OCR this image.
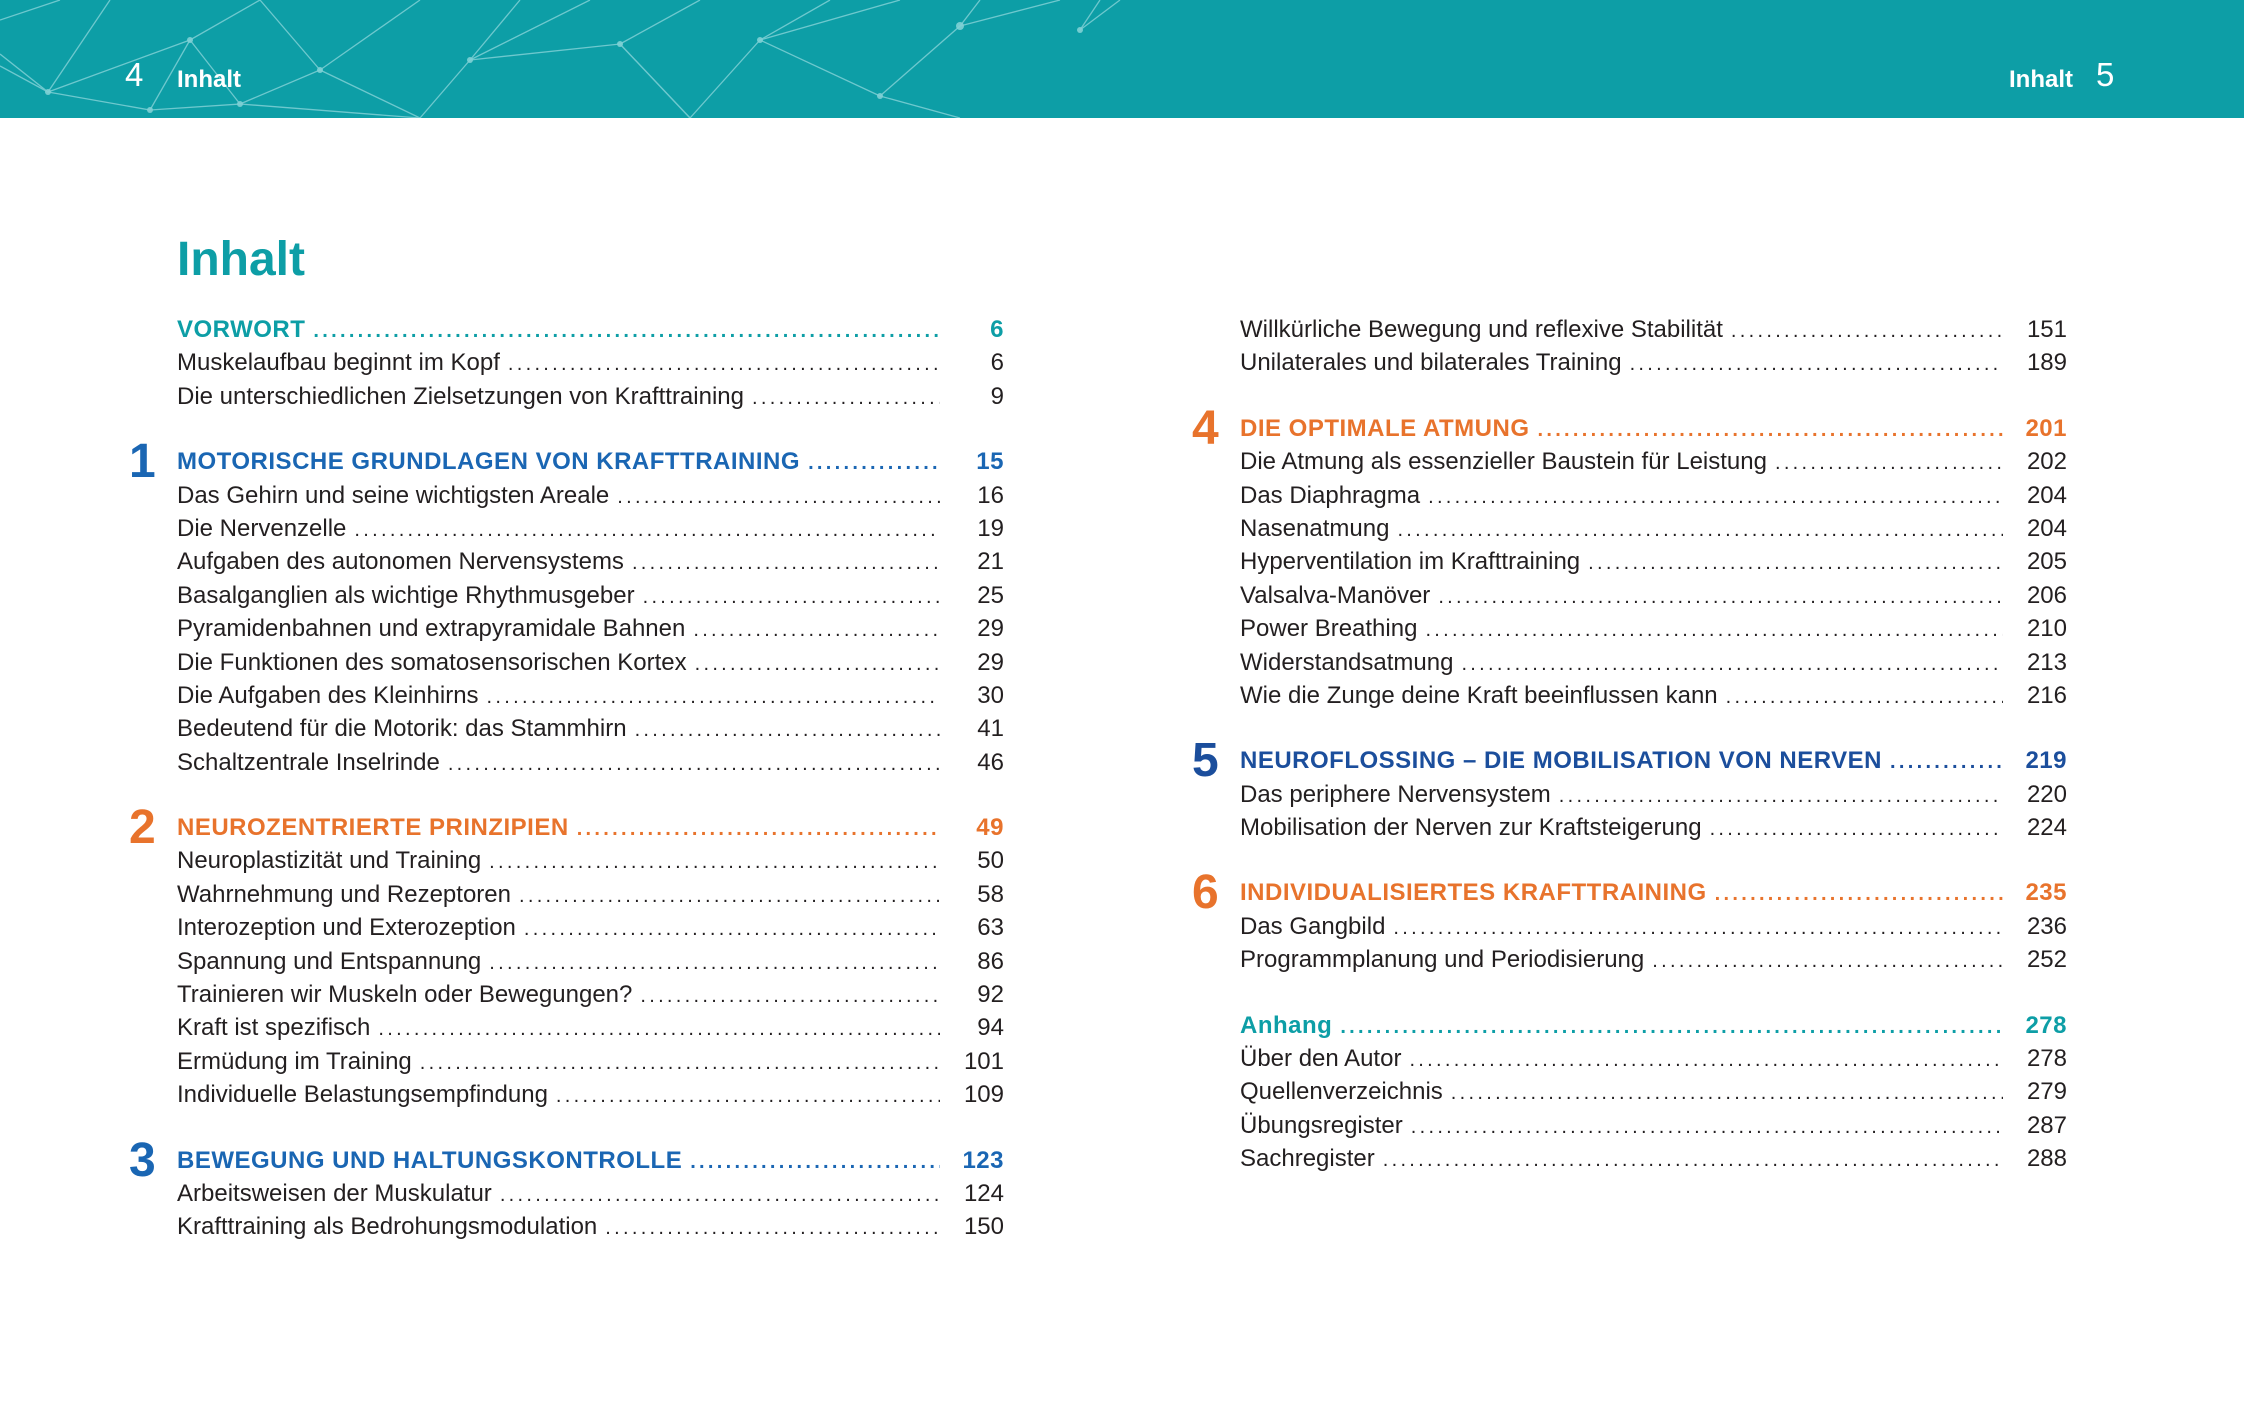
4 Inhalt	Inhalt 5
Inhalt
VORWORT .....	6
Muskelaufbau beginnt im Kopf .....	6
Die unterschiedlichen Zielsetzungen von Krafttraining .....	9
1 MOTORISCHE GRUNDLAGEN VON KRAFTTRAINING .....	15
Das Gehirn und seine wichtigsten Areale .....	16
Die Nervenzelle .....	19
Aufgaben des autonomen Nervensystems .....	21
Basalganglien als wichtige Rhythmusgeber .....	25
Pyramidenbahnen und extrapyramidale Bahnen .....	29
Die Funktionen des somatosensorischen Kortex .....	29
Die Aufgaben des Kleinhirns .....	30
Bedeutend für die Motorik: das Stammhirn .....	41
Schaltzentrale Inselrinde .....	46
2 NEUROZENTRIERTE PRINZIPIEN .....	49
Neuroplastizität und Training .....	50
Wahrnehmung und Rezeptoren .....	58
Interozeption und Exterozeption .....	63
Spannung und Entspannung .....	86
Trainieren wir Muskeln oder Bewegungen? .....	92
Kraft ist spezifisch .....	94
Ermüdung im Training .....	101
Individuelle Belastungsempfindung .....	109
3 BEWEGUNG UND HALTUNGSKONTROLLE .....	123
Arbeitsweisen der Muskulatur .....	124
Krafttraining als Bedrohungsmodulation .....	150
Willkürliche Bewegung und reflexive Stabilität .....	151
Unilaterales und bilaterales Training .....	189
4 DIE OPTIMALE ATMUNG .....	201
Die Atmung als essenzieller Baustein für Leistung .....	202
Das Diaphragma .....	204
Nasenatmung .....	204
Hyperventilation im Krafttraining .....	205
Valsalva-Manöver .....	206
Power Breathing .....	210
Widerstandsatmung .....	213
Wie die Zunge deine Kraft beeinflussen kann .....	216
5 NEUROFLOSSING – DIE MOBILISATION VON NERVEN .....	219
Das periphere Nervensystem .....	220
Mobilisation der Nerven zur Kraftsteigerung .....	224
6 INDIVIDUALISIERTES KRAFTTRAINING .....	235
Das Gangbild .....	236
Programmplanung und Periodisierung .....	252
Anhang .....	278
Über den Autor .....	278
Quellenverzeichnis .....	279
Übungsregister .....	287
Sachregister .....	288
